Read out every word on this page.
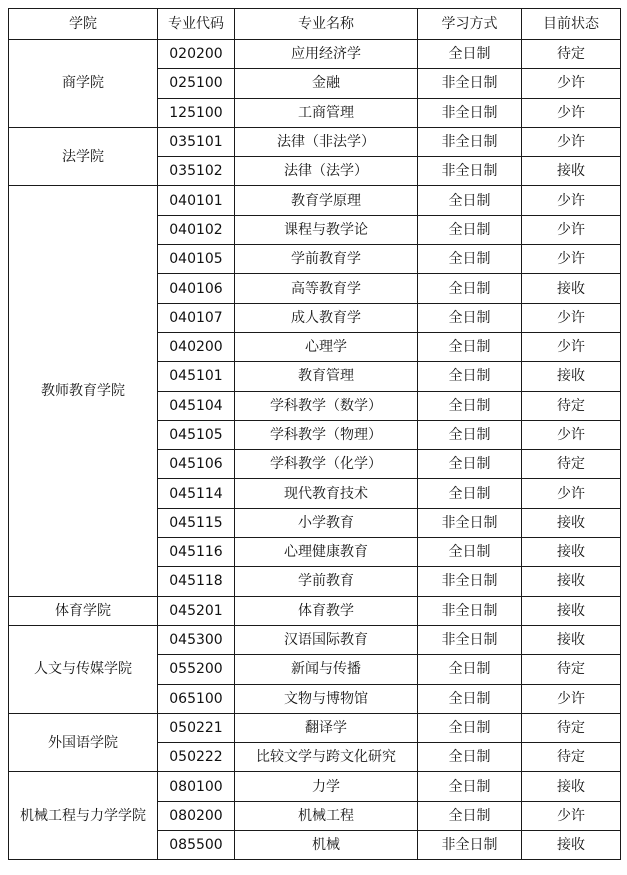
学院	专业代码	专业名称	学习方式	目前状态
商学院	020200	应用经济学	全日制	待定
	025100	金融	非全日制	少许
	125100	工商管理	非全日制	少许
法学院	035101	法律（非法学）	非全日制	少许
	035102	法律（法学）	非全日制	接收
教师教育学院	040101	教育学原理	全日制	少许
	040102	课程与教学论	全日制	少许
	040105	学前教育学	全日制	少许
	040106	高等教育学	全日制	接收
	040107	成人教育学	全日制	少许
	040200	心理学	全日制	少许
	045101	教育管理	全日制	接收
	045104	学科教学（数学）	全日制	待定
	045105	学科教学（物理）	全日制	少许
	045106	学科教学（化学）	全日制	待定
	045114	现代教育技术	全日制	少许
	045115	小学教育	非全日制	接收
	045116	心理健康教育	全日制	接收
	045118	学前教育	非全日制	接收
体育学院	045201	体育教学	非全日制	接收
人文与传媒学院	045300	汉语国际教育	非全日制	接收
	055200	新闻与传播	全日制	待定
	065100	文物与博物馆	全日制	少许
外国语学院	050221	翻译学	全日制	待定
	050222	比较文学与跨文化研究	全日制	待定
机械工程与力学学院	080100	力学	全日制	接收
	080200	机械工程	全日制	少许
	085500	机械	非全日制	接收
